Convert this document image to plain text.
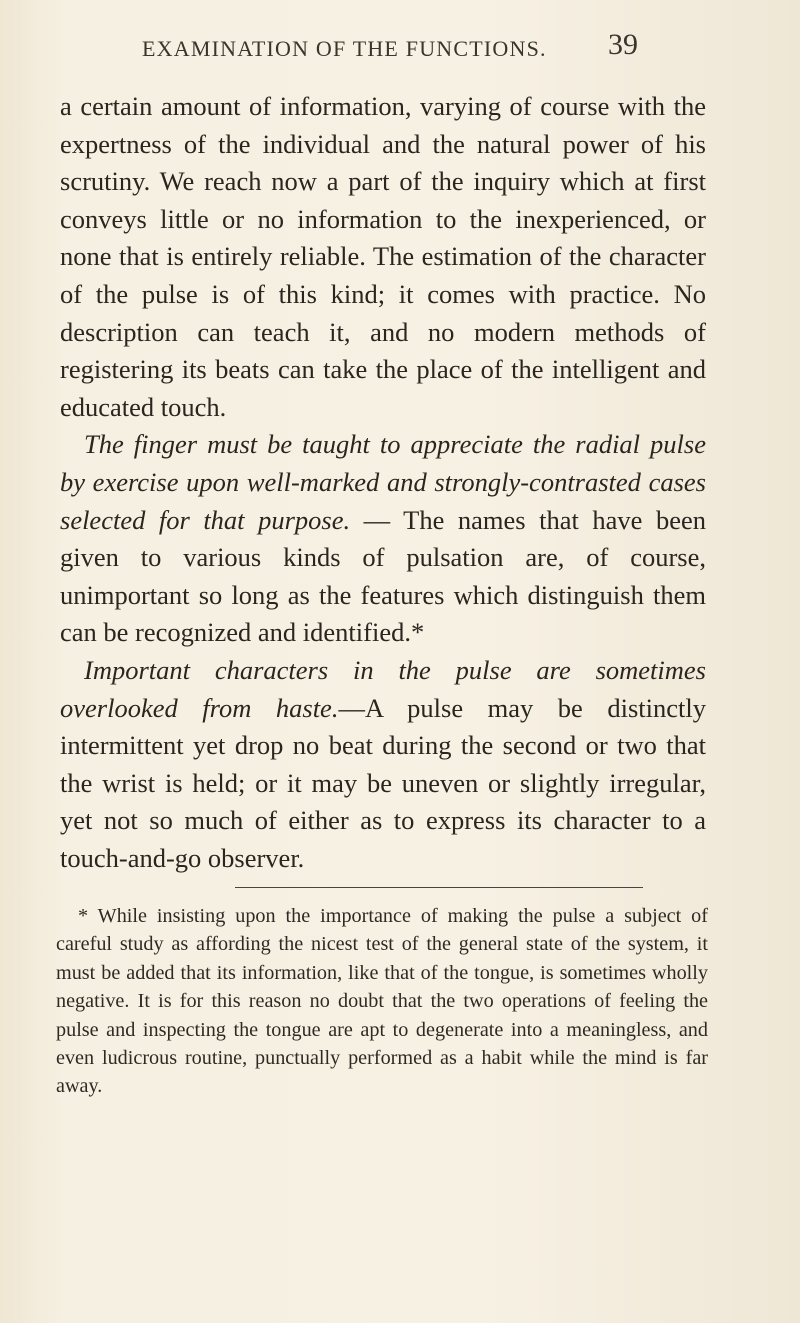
EXAMINATION OF THE FUNCTIONS. 39

a certain amount of information, varying of course with the expertness of the individual and the natural power of his scrutiny. We reach now a part of the inquiry which at first conveys little or no information to the inexperienced, or none that is entirely reliable. The estimation of the character of the pulse is of this kind; it comes with practice. No description can teach it, and no modern methods of registering its beats can take the place of the intelligent and educated touch.

The finger must be taught to appreciate the radial pulse by exercise upon well-marked and strongly-contrasted cases selected for that purpose. — The names that have been given to various kinds of pulsation are, of course, unimportant so long as the features which distinguish them can be recognized and identified.*

Important characters in the pulse are sometimes overlooked from haste.—A pulse may be distinctly intermittent yet drop no beat during the second or two that the wrist is held; or it may be uneven or slightly irregular, yet not so much of either as to express its character to a touch-and-go observer.

* While insisting upon the importance of making the pulse a subject of careful study as affording the nicest test of the general state of the system, it must be added that its information, like that of the tongue, is sometimes wholly negative. It is for this reason no doubt that the two operations of feeling the pulse and inspecting the tongue are apt to degenerate into a meaningless, and even ludicrous routine, punctually performed as a habit while the mind is far away.
